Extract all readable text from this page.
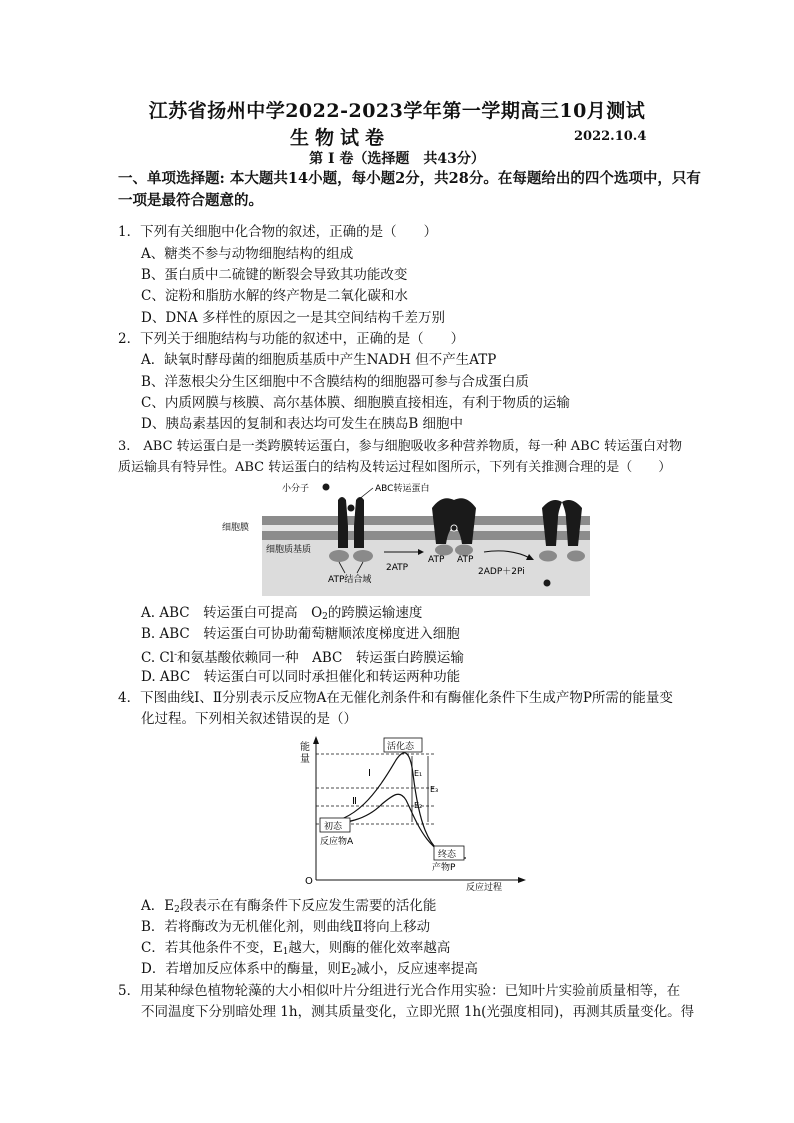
江苏省扬州中学2022-2023学年第一学期高三10月测试
生物试卷	2022.10.4
第 Ⅰ 卷（选择题　共43分）
一、单项选择题: 本大题共14小题，每小题2分，共28分。在每题给出的四个选项中，只有一项是最符合题意的。
1．下列有关细胞中化合物的叙述，正确的是（　　）
A、糖类不参与动物细胞结构的组成
B、蛋白质中二硫键的断裂会导致其功能改变
C、淀粉和脂肪水解的终产物是二氧化碳和水
D、DNA 多样性的原因之一是其空间结构千差万别
2．下列关于细胞结构与功能的叙述中，正确的是（　　）
A．缺氧时酵母菌的细胞质基质中产生NADH 但不产生ATP
B、洋葱根尖分生区细胞中不含膜结构的细胞器可参与合成蛋白质
C、内质网膜与核膜、高尔基体膜、细胞膜直接相连，有利于物质的运输
D、胰岛素基因的复制和表达均可发生在胰岛B 细胞中
3.　ABC 转运蛋白是一类跨膜转运蛋白，参与细胞吸收多种营养物质，每一种 ABC 转运蛋白对物
质运输具有特异性。ABC 转运蛋白的结构及转运过程如图所示，下列有关推测合理的是（　　）
小分子	ABC转运蛋白
细胞膜
细胞质基质
ATP结合域
2ATP
ATP ATP
2ADP＋2Pi
A. ABC　转运蛋白可提高　$O_2$的跨膜运输速度
B. ABC　转运蛋白可协助葡萄糖顺浓度梯度进入细胞
C. Cl-和氨基酸依赖同一种　ABC　转运蛋白跨膜运输
D. ABC　转运蛋白可以同时承担催化和转运两种功能
4．下图曲线Ⅰ、Ⅱ分别表示反应物A在无催化剂条件和有酶催化条件下生成产物P所需的能量变
化过程。下列相关叙述错误的是（）
能
量
O
反应过程
E₁
E₂
E₃
Ⅰ
Ⅱ
活化态
初态
反应物A
终态
产物P
A．$E_2$段表示在有酶条件下反应发生需要的活化能
B．若将酶改为无机催化剂，则曲线Ⅱ将向上移动
C．若其他条件不变，$E_1$越大，则酶的催化效率越高
D．若增加反应体系中的酶量，则$E_2$减小，反应速率提高
5．用某种绿色植物轮藻的大小相似叶片分组进行光合作用实验：已知叶片实验前质量相等，在
不同温度下分别暗处理 1h，测其质量变化，立即光照 1h(光强度相同)，再测其质量变化。得
